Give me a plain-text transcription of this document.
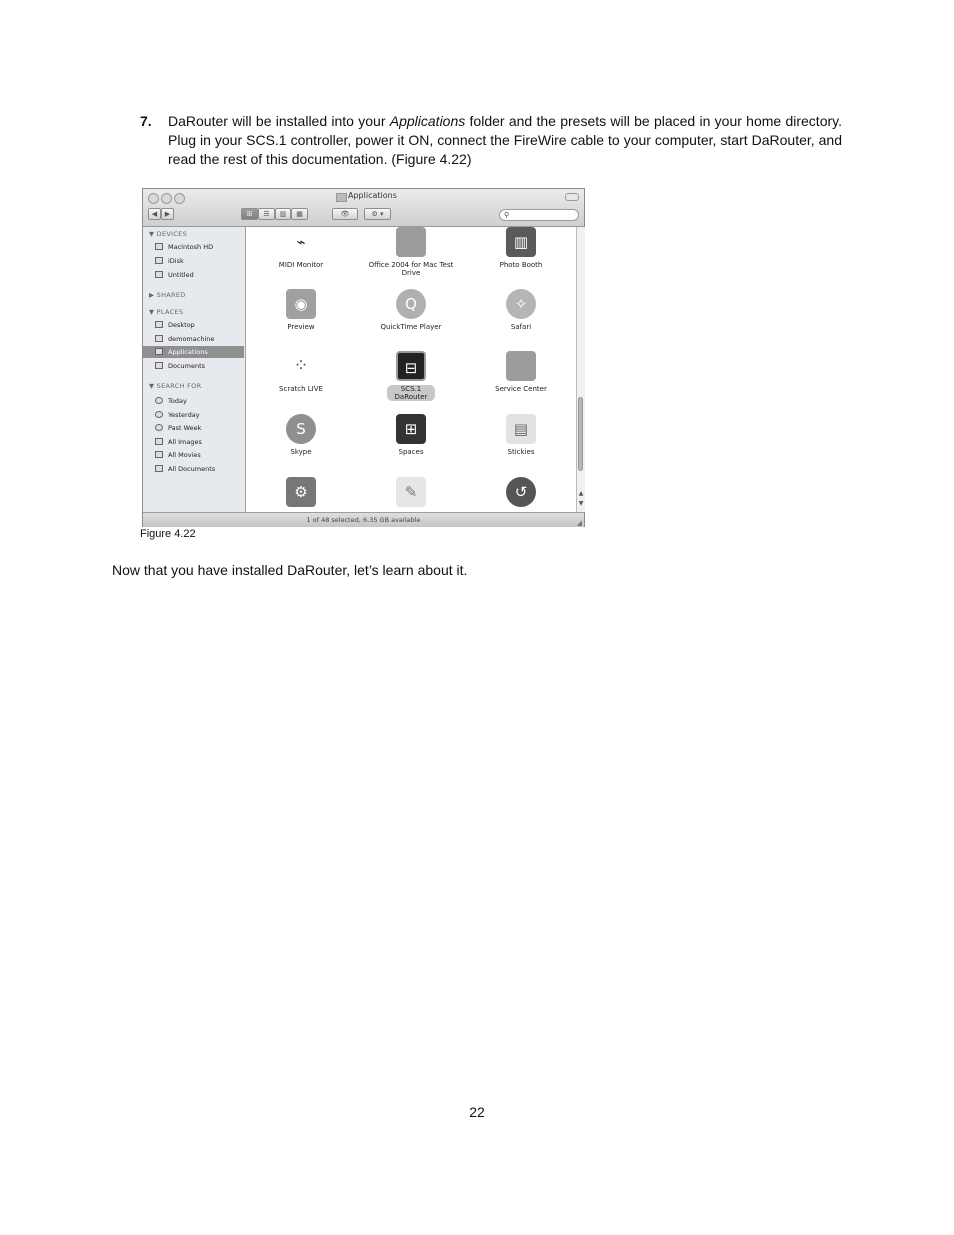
7. DaRouter will be installed into your Applications folder and the presets will be placed in your home directory. Plug in your SCS.1 controller, power it ON, connect the FireWire cable to your computer, start DaRouter, and read the rest of this documentation. (Figure 4.22)
Applications
◀	▶	⊞	☰	▥	▦	👁	⚙ ▾	⚲
▼ DEVICES
Macintosh HD
iDisk
Untitled
▶ SHARED
▼ PLACES
Desktop
demomachine
Applications
Documents
▼ SEARCH FOR
Today
Yesterday
Past Week
All Images
All Movies
All Documents
⌁
MIDI Monitor	Office 2004 for Mac Test Drive
▥
Photo Booth
◉
Preview
Q
QuickTime Player
✧
Safari
⁘
Scratch LIVE
⊟
SCS.1 DaRouter
Service Center
S
Skype
⊞
Spaces
▤
Stickies
⚙	✎	↺	▲
▼
1 of 48 selected, 6.35 GB available	◢
Figure 4.22
Now that you have installed DaRouter, let’s learn about it.
22
